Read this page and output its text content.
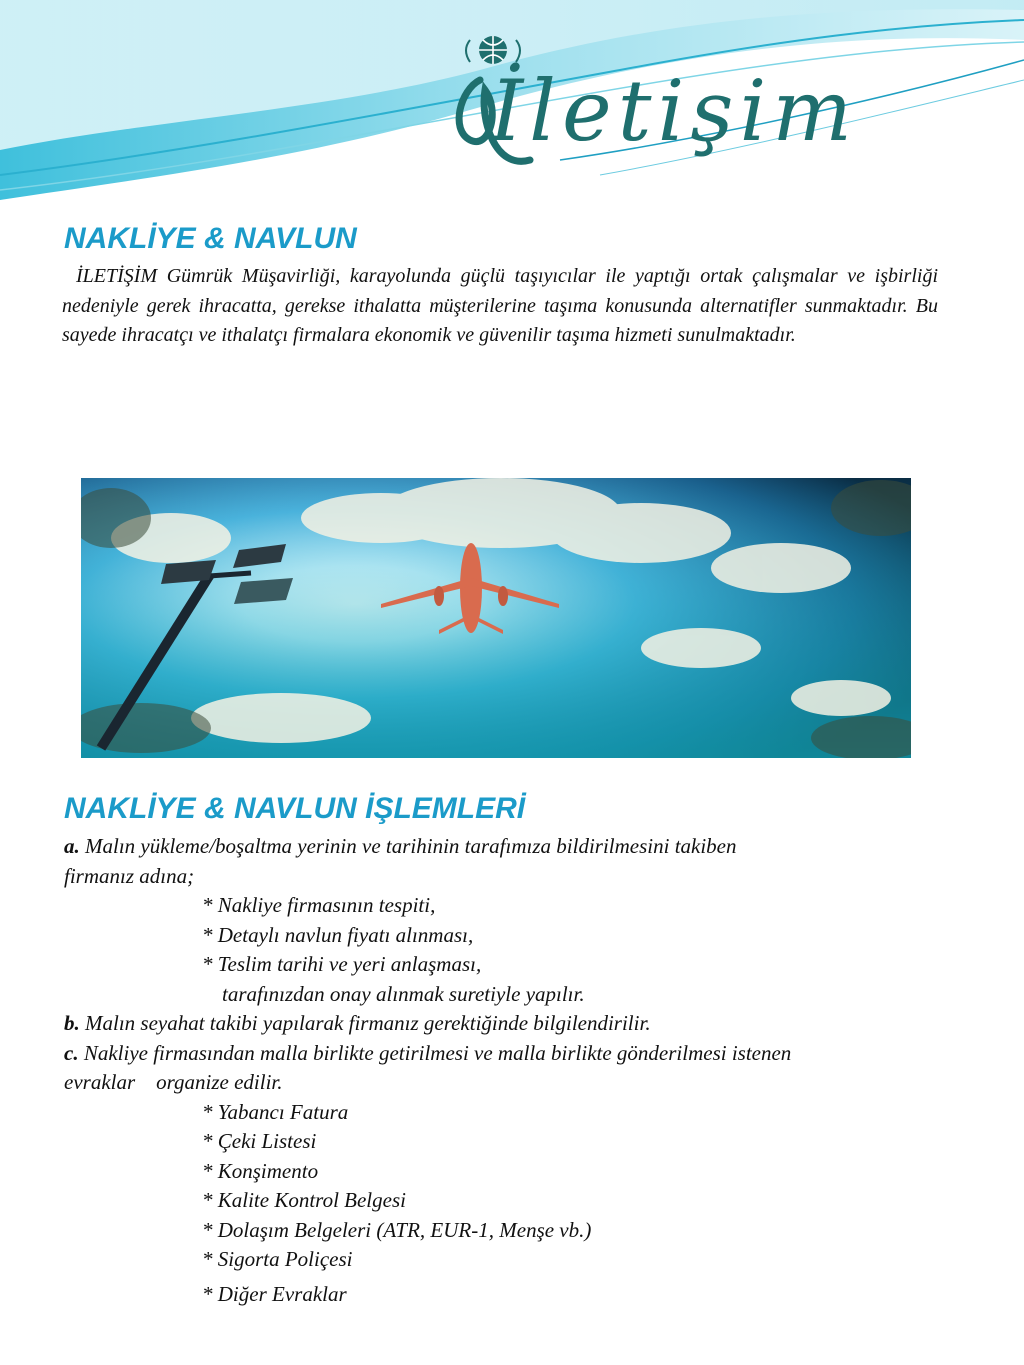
İletişim
NAKLİYE & NAVLUN

İLETİŞİM Gümrük Müşavirliği, karayolunda güçlü taşıyıcılar ile yaptığı ortak çalışmalar ve işbirliği nedeniyle gerek ihracatta, gerekse ithalatta müşterilerine taşıma konusunda alternatifler sunmaktadır. Bu sayede ihracatçı ve ithalatçı firmalara ekonomik ve güvenilir taşıma hizmeti sunulmaktadır.

NAKLİYE & NAVLUN İŞLEMLERİ
a. Malın yükleme/boşaltma yerinin ve tarihinin tarafımıza bildirilmesini takiben
firmanız adına;
* Nakliye firmasının tespiti,
* Detaylı navlun fiyatı alınması,
* Teslim tarihi ve yeri anlaşması,
tarafınızdan onay alınmak suretiyle yapılır.
b. Malın seyahat takibi yapılarak firmanız gerektiğinde bilgilendirilir.
c. Nakliye firmasından malla birlikte getirilmesi ve malla birlikte gönderilmesi istenen
evraklar    organize edilir.
* Yabancı Fatura
* Çeki Listesi
* Konşimento
* Kalite Kontrol Belgesi
* Dolaşım Belgeleri (ATR, EUR-1, Menşe vb.)
* Sigorta Poliçesi
* Diğer Evraklar
